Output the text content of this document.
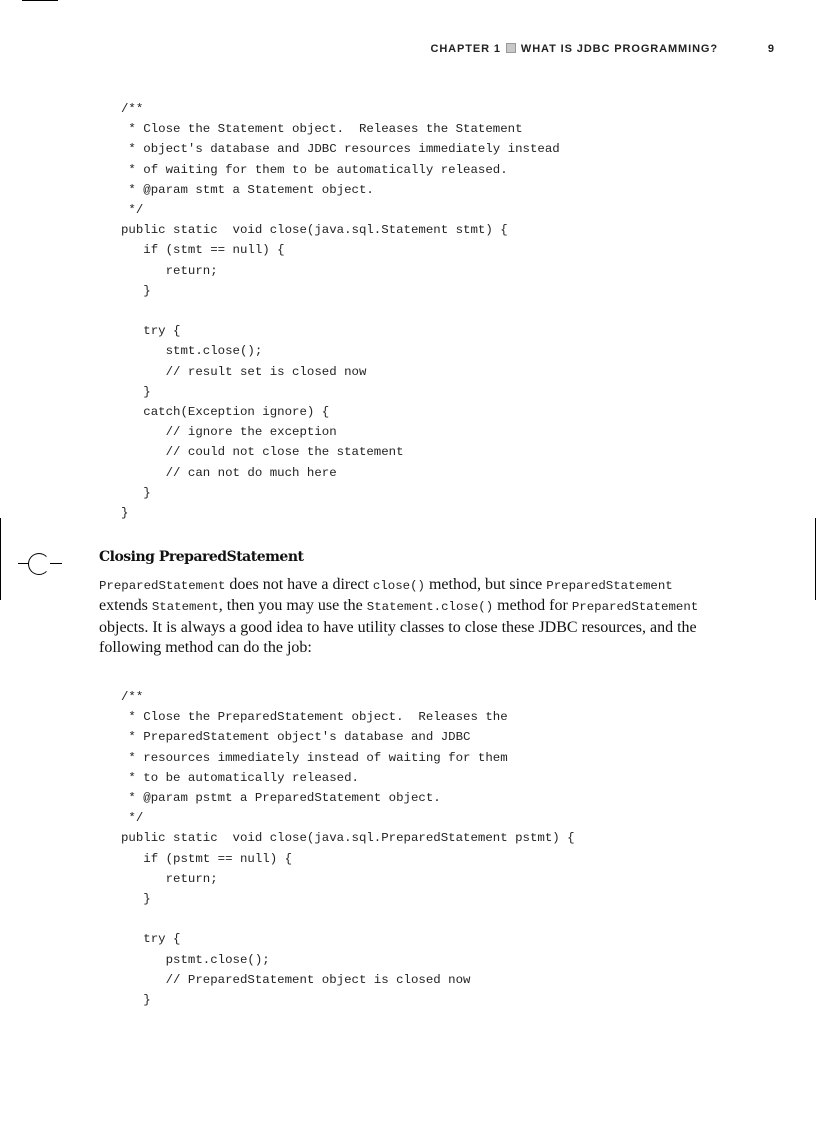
CHAPTER 1 WHAT IS JDBC PROGRAMMING?	9
/**
* Close the Statement object.  Releases the Statement
* object's database and JDBC resources immediately instead
* of waiting for them to be automatically released.
* @param stmt a Statement object.
*/
public static  void close(java.sql.Statement stmt) {
if (stmt == null) {
return;
}

try {
stmt.close();
// result set is closed now
}
catch(Exception ignore) {
// ignore the exception
// could not close the statement
// can not do much here
}
}
Closing PreparedStatement

PreparedStatement does not have a direct close() method, but since PreparedStatement extends Statement, then you may use the Statement.close() method for PreparedStatement objects. It is always a good idea to have utility classes to close these JDBC resources, and the following method can do the job:

/**
* Close the PreparedStatement object.  Releases the
* PreparedStatement object's database and JDBC
* resources immediately instead of waiting for them
* to be automatically released.
* @param pstmt a PreparedStatement object.
*/
public static  void close(java.sql.PreparedStatement pstmt) {
if (pstmt == null) {
return;
}

try {
pstmt.close();
// PreparedStatement object is closed now
}
